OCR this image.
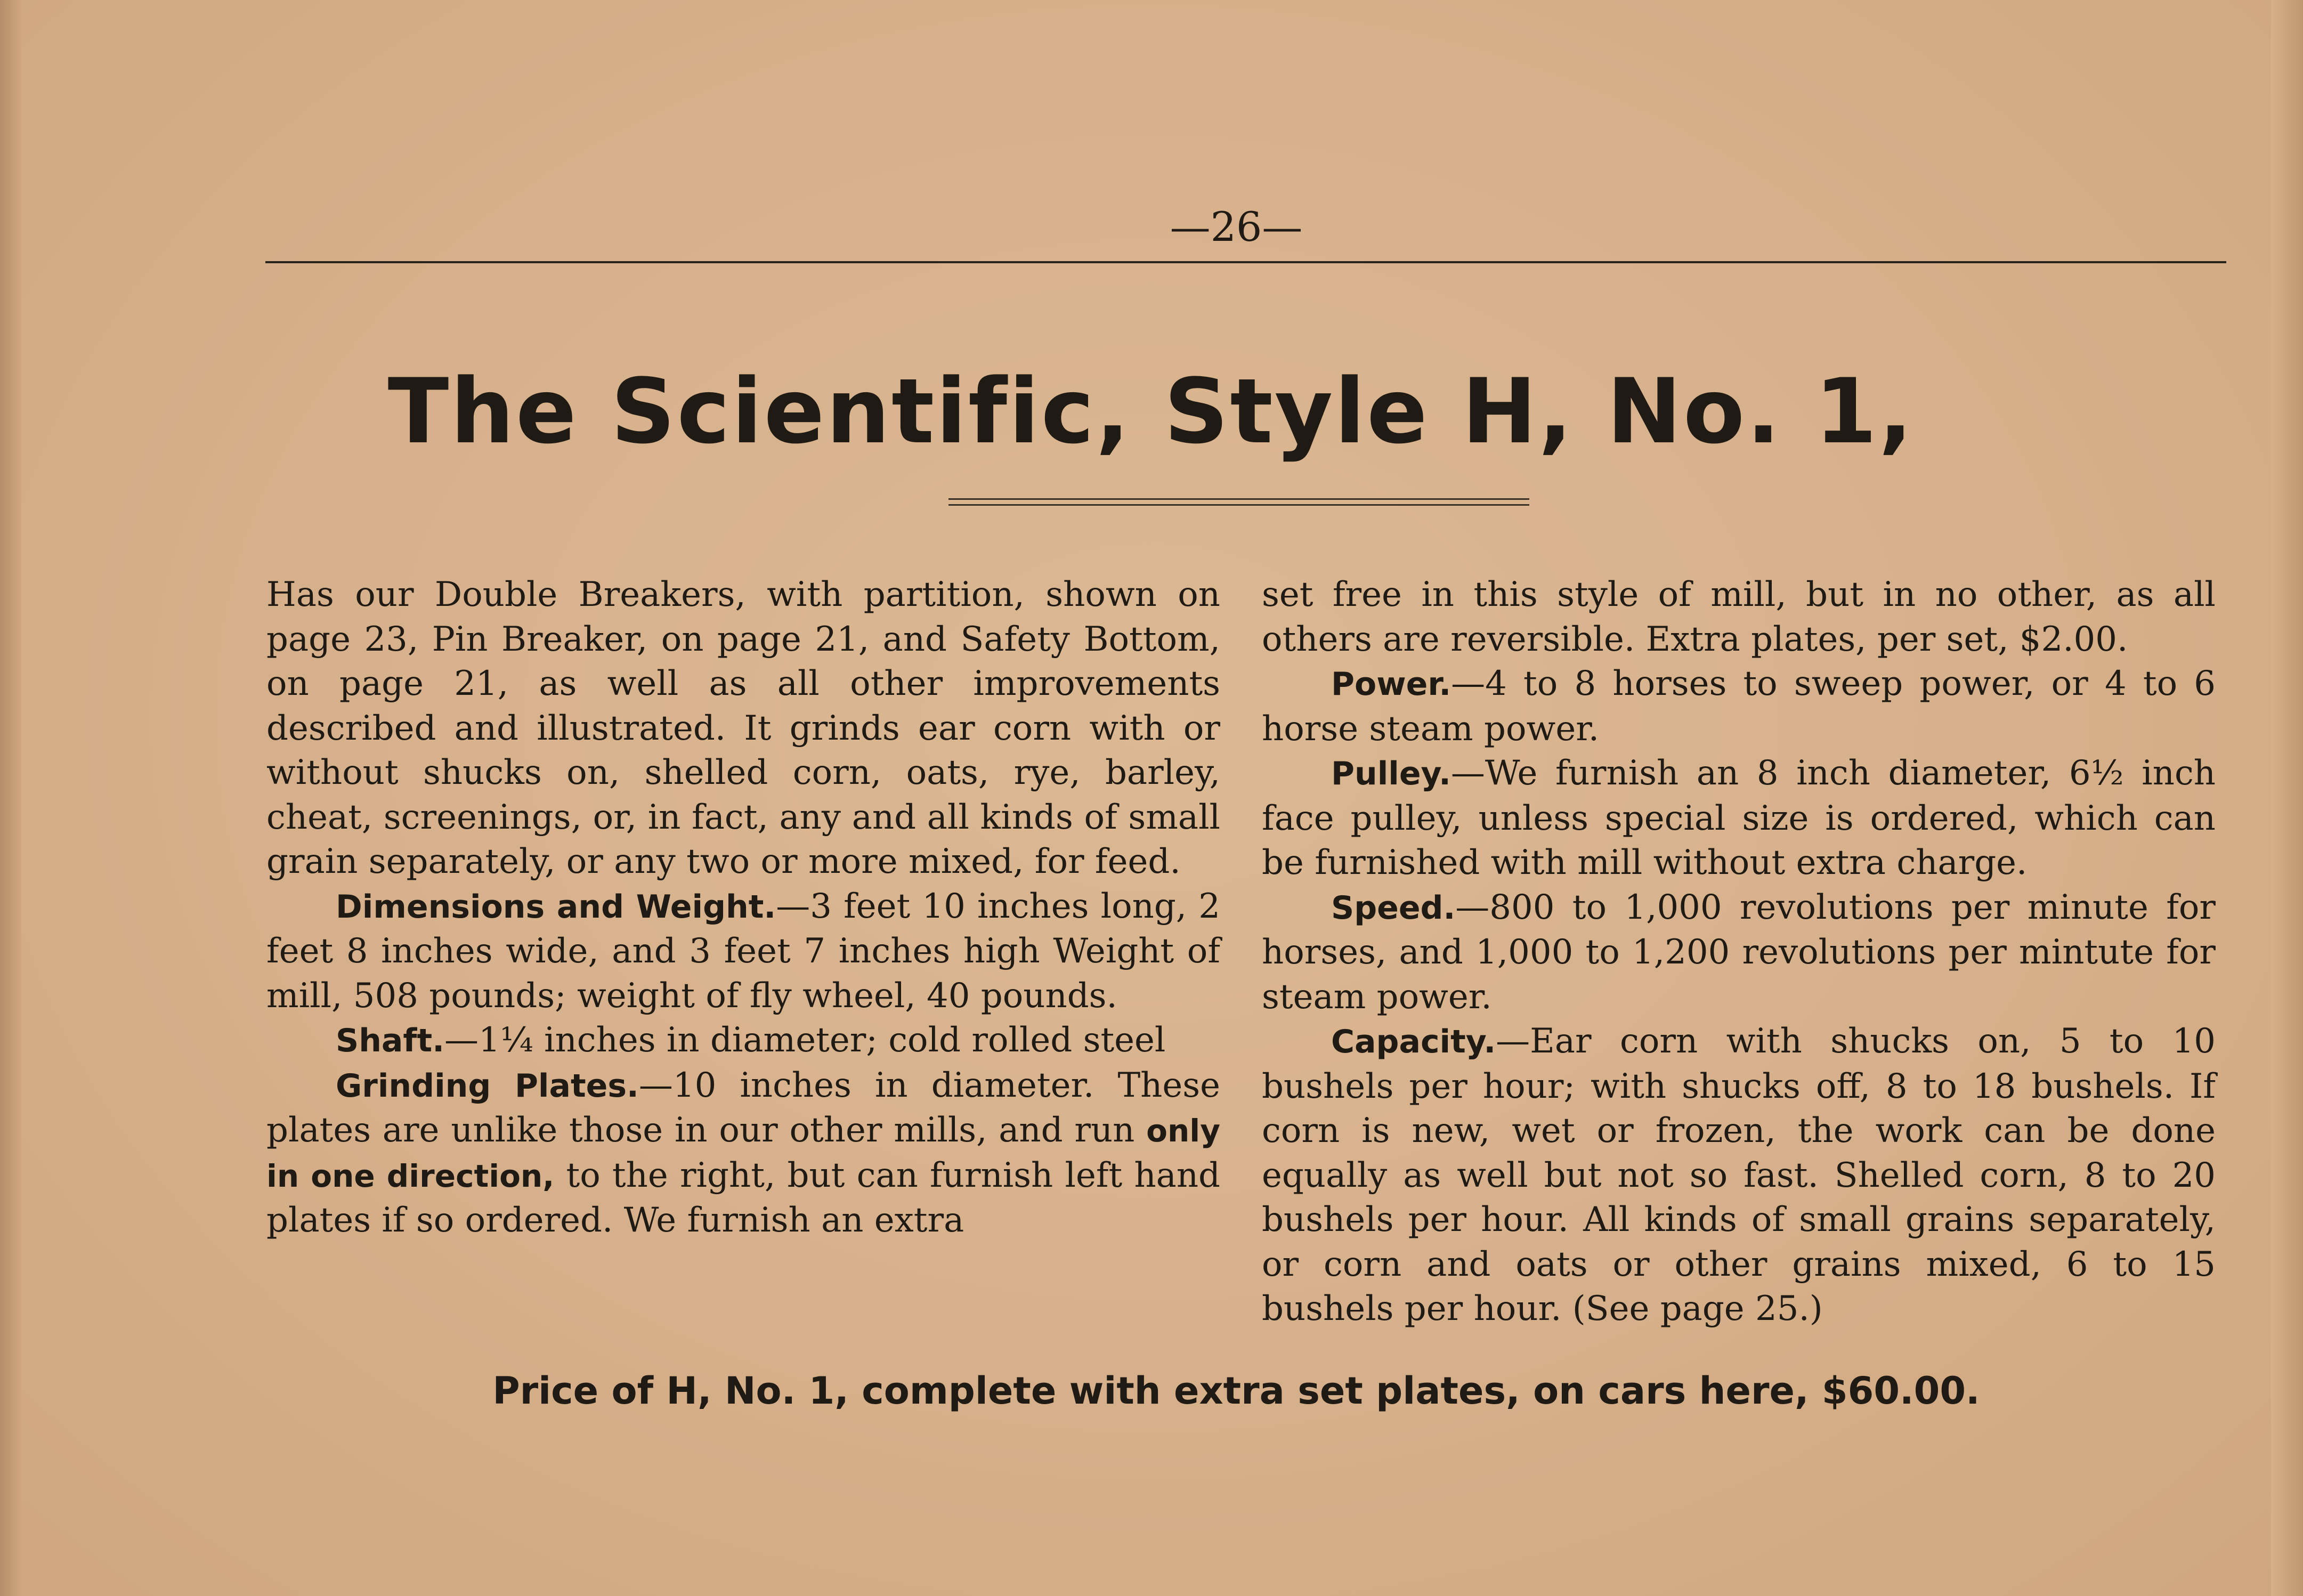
—26—
The Scientific, Style H, No. 1,

Has our Double Breakers, with partition, shown on page 23, Pin Breaker, on page 21, and Safety Bottom, on page 21, as well as all other improvements described and illustrated. It grinds ear corn with or without shucks on, shelled corn, oats, rye, barley, cheat, screenings, or, in fact, any and all kinds of small grain separately, or any two or more mixed, for feed.

Dimensions and Weight.—3 feet 10 inches long, 2 feet 8 inches wide, and 3 feet 7 inches high Weight of mill, 508 pounds; weight of fly wheel, 40 pounds.

Shaft.—1¼ inches in diameter; cold rolled steel

Grinding Plates.—10 inches in diameter. These plates are unlike those in our other mills, and run only in one direction, to the right, but can furnish left hand plates if so ordered. We furnish an extra

set free in this style of mill, but in no other, as all others are reversible. Extra plates, per set, $2.00.

Power.—4 to 8 horses to sweep power, or 4 to 6 horse steam power.

Pulley.—We furnish an 8 inch diameter, 6½ inch face pulley, unless special size is ordered, which can be furnished with mill without extra charge.

Speed.—800 to 1,000 revolutions per minute for horses, and 1,000 to 1,200 revolutions per mintute for steam power.

Capacity.—Ear corn with shucks on, 5 to 10 bushels per hour; with shucks off, 8 to 18 bushels. If corn is new, wet or frozen, the work can be done equally as well but not so fast. Shelled corn, 8 to 20 bushels per hour. All kinds of small grains separately, or corn and oats or other grains mixed, 6 to 15 bushels per hour. (See page 25.)

Price of H, No. 1, complete with extra set plates, on cars here, $60.00.
